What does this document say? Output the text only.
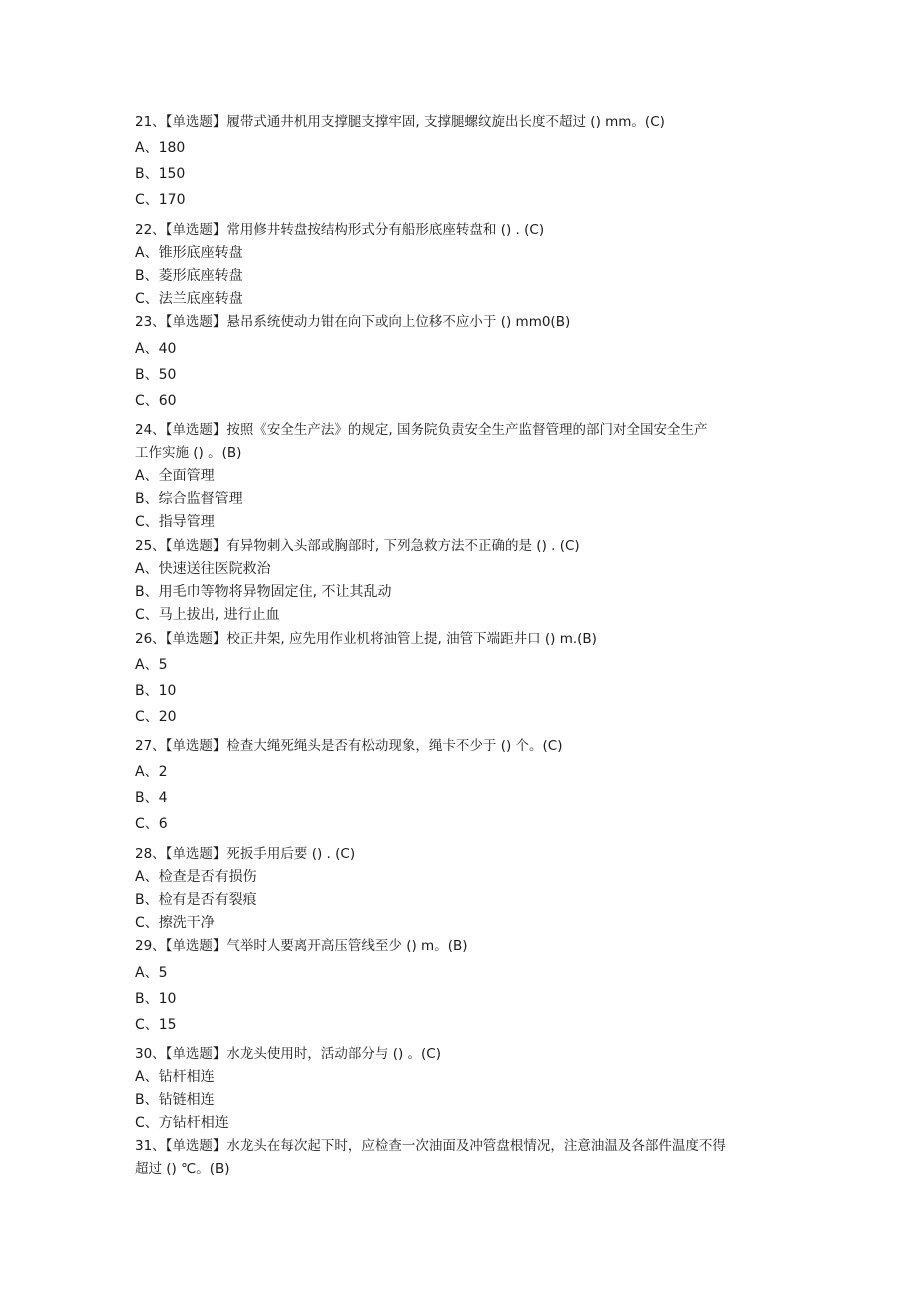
21、【单选题】履带式通井机用支撑腿支撑牢固, 支撑腿螺纹旋出长度不超过 () mm。(C)
A、180
B、150
C、170
22、【单选题】常用修井转盘按结构形式分有船形底座转盘和 () . (C)
A、锥形底座转盘
B、菱形底座转盘
C、法兰底座转盘
23、【单选题】悬吊系统使动力钳在向下或向上位移不应小于 () mm0(B)
A、40
B、50
C、60
24、【单选题】按照《安全生产法》的规定, 国务院负责安全生产监督管理的部门对全国安全生产
工作实施 () 。(B)
A、全面管理
B、综合监督管理
C、指导管理
25、【单选题】有异物刺入头部或胸部时, 下列急救方法不正确的是 () . (C)
A、快速送往医院救治
B、用毛巾等物将异物固定住, 不让其乱动
C、马上拔出, 进行止血
26、【单选题】校正井架, 应先用作业机将油管上提, 油管下端距井口 () m.(B)
A、5
B、10
C、20
27、【单选题】检查大绳死绳头是否有松动现象，绳卡不少于 () 个。(C)
A、2
B、4
C、6
28、【单选题】死扳手用后要 () . (C)
A、检查是否有损伤
B、检有是否有裂痕
C、擦洗干净
29、【单选题】气举时人要离开高压管线至少 () m。(B)
A、5
B、10
C、15
30、【单选题】水龙头使用时，活动部分与 () 。(C)
A、钻杆相连
B、钻链相连
C、方钻杆相连
31、【单选题】水龙头在每次起下时，应检查一次油面及冲管盘根情况，注意油温及各部件温度不得
超过 () ℃。(B)
